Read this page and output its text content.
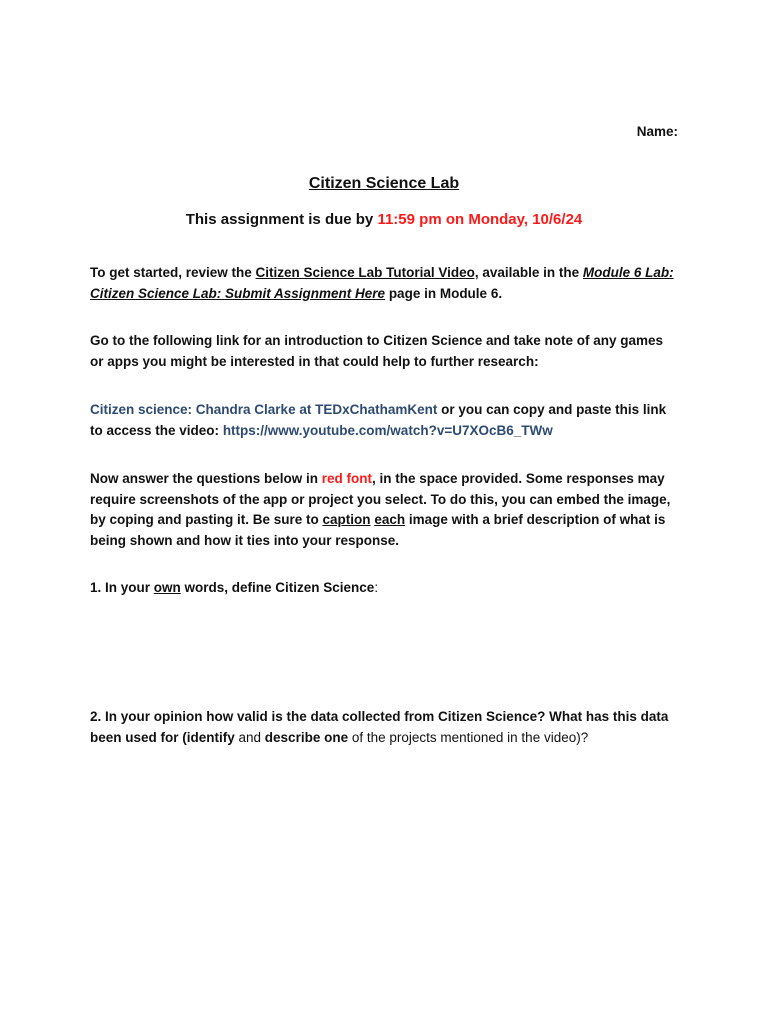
Name:
Citizen Science Lab
This assignment is due by 11:59 pm on Monday, 10/6/24
To get started, review the Citizen Science Lab Tutorial Video, available in the Module 6 Lab:
Citizen Science Lab: Submit Assignment Here page in Module 6.
Go to the following link for an introduction to Citizen Science and take note of any games or apps you might be interested in that could help to further research:
Citizen science: Chandra Clarke at TEDxChathamKent or you can copy and paste this link to access the video: https://www.youtube.com/watch?v=U7XOcB6_TWw
Now answer the questions below in red font, in the space provided. Some responses may require screenshots of the app or project you select. To do this, you can embed the image, by coping and pasting it. Be sure to caption each image with a brief description of what is being shown and how it ties into your response.
1. In your own words, define Citizen Science:
2. In your opinion how valid is the data collected from Citizen Science? What has this data been used for (identify and describe one of the projects mentioned in the video)?
